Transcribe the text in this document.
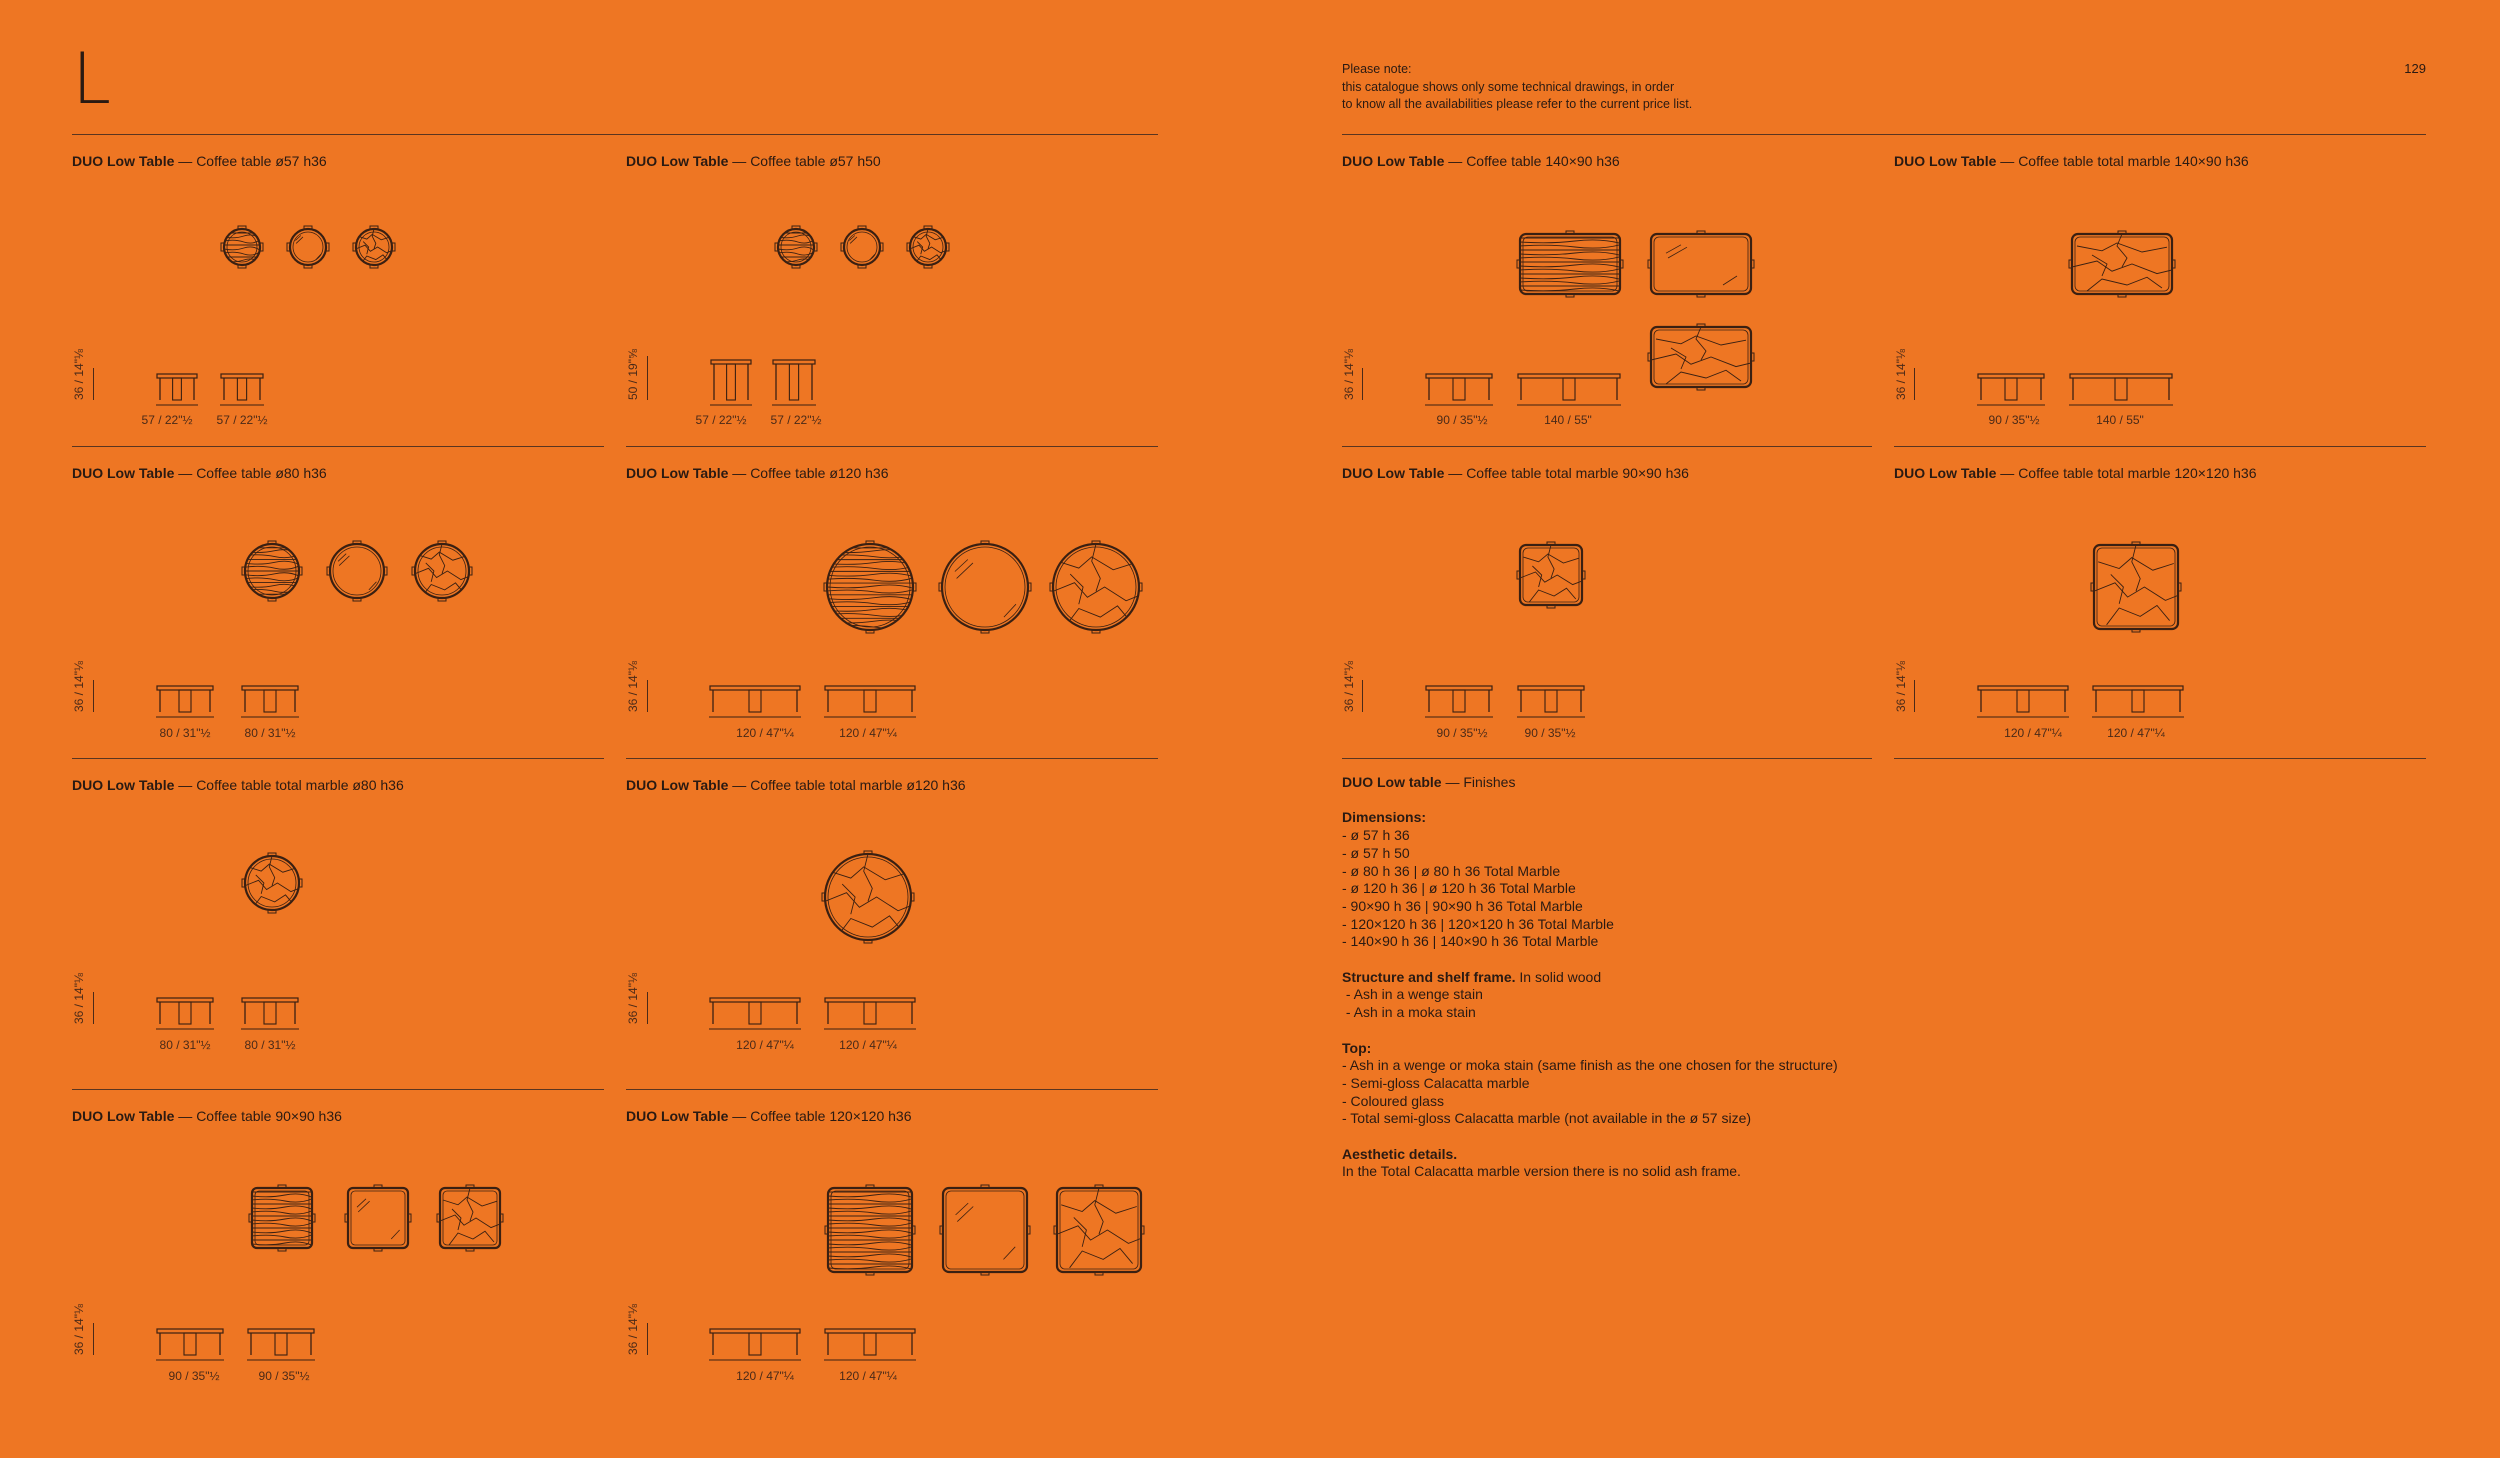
L	Please note:
this catalogue shows only some technical drawings, in order
to know all the availabilities please refer to the current price list.
129
DUO Low Table — Coffee table ø57 h36
36 / 14"⅛
57 / 22"½	57 / 22"½
DUO Low Table — Coffee table ø57 h50
50 / 19"⅝
57 / 22"½	57 / 22"½
DUO Low Table — Coffee table ø80 h36
36 / 14"⅛
80 / 31"½	80 / 31"½
DUO Low Table — Coffee table ø120 h36
36 / 14"⅛
120 / 47"¼	120 / 47"¼
DUO Low Table — Coffee table total marble ø80 h36
36 / 14"⅛
80 / 31"½	80 / 31"½
DUO Low Table — Coffee table total marble ø120 h36
36 / 14"⅛
120 / 47"¼	120 / 47"¼
DUO Low Table — Coffee table 90×90 h36
36 / 14"⅛
90 / 35"½	90 / 35"½
DUO Low Table — Coffee table 120×120 h36
36 / 14"⅛
120 / 47"¼	120 / 47"¼
DUO Low Table — Coffee table 140×90 h36
36 / 14"⅛
90 / 35"½	140 / 55"
DUO Low Table — Coffee table total marble 140×90 h36
36 / 14"⅛
90 / 35"½	140 / 55"
DUO Low Table — Coffee table total marble 90×90 h36
36 / 14"⅛
90 / 35"½	90 / 35"½
DUO Low Table — Coffee table total marble 120×120 h36
36 / 14"⅛
120 / 47"¼	120 / 47"¼
DUO Low table — Finishes
Dimensions:
- ø 57 h 36
- ø 57 h 50
- ø 80 h 36 | ø 80 h 36 Total Marble
- ø 120 h 36 | ø 120 h 36 Total Marble
- 90×90 h 36 | 90×90 h 36 Total Marble
- 120×120 h 36 | 120×120 h 36 Total Marble
- 140×90 h 36 | 140×90 h 36 Total Marble
Structure and shelf frame. In solid wood
- Ash in a wenge stain
- Ash in a moka stain
Top:
- Ash in a wenge or moka stain (same finish as the one chosen for the structure)
- Semi-gloss Calacatta marble
- Coloured glass
- Total semi-gloss Calacatta marble (not available in the ø 57 size)
Aesthetic details.
In the Total Calacatta marble version there is no solid ash frame.
